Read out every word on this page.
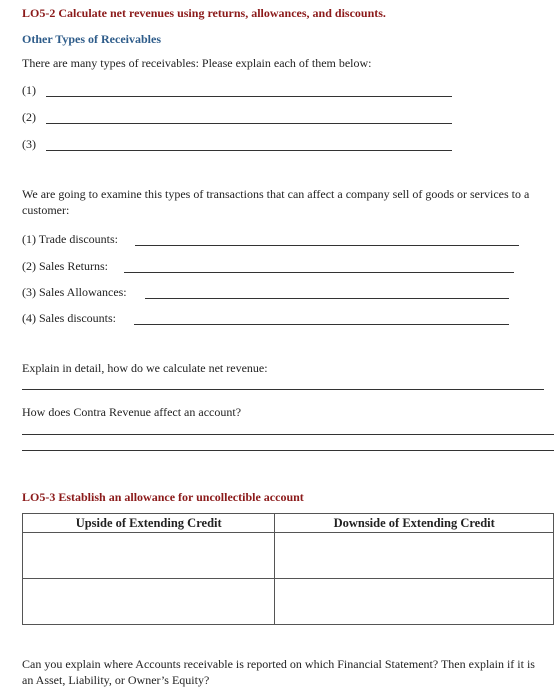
LO5-2 Calculate net revenues using returns, allowances, and discounts.
Other Types of Receivables
There are many types of receivables: Please explain each of them below:
(1)
(2)
(3)
We are going to examine this types of transactions that can affect a company sell of goods or services to a customer:
(1) Trade discounts:
(2) Sales Returns:
(3) Sales Allowances:
(4) Sales discounts:
Explain in detail, how do we calculate net revenue:
How does Contra Revenue affect an account?
LO5-3 Establish an allowance for uncollectible account
Upside of Extending Credit	Downside of Extending Credit

Can you explain where Accounts receivable is reported on which Financial Statement? Then explain if it is an Asset, Liability, or Owner’s Equity?
